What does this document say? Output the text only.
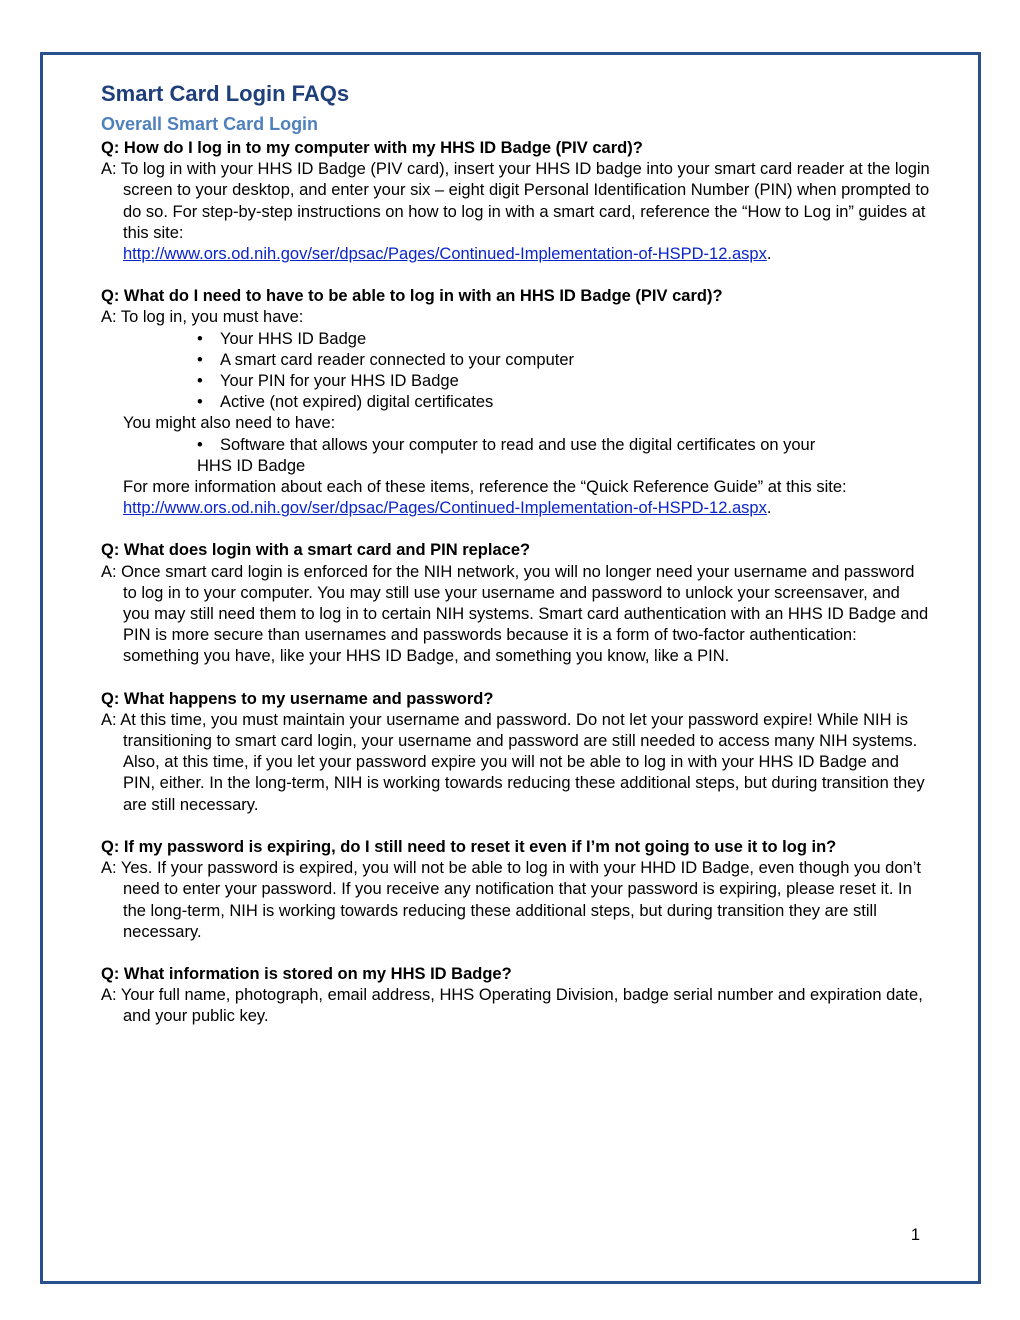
Smart Card Login FAQs
Overall Smart Card Login

Q: How do I log in to my computer with my HHS ID Badge (PIV card)?

A: To log in with your HHS ID Badge (PIV card), insert your HHS ID badge into your smart card reader at the login screen to your desktop, and enter your six – eight digit Personal Identification Number (PIN) when prompted to do so. For step-by-step instructions on how to log in with a smart card, reference the “How to Log in” guides at this site:
http://www.ors.od.nih.gov/ser/dpsac/Pages/Continued-Implementation-of-HSPD-12.aspx.

Q: What do I need to have to be able to log in with an HHS ID Badge (PIV card)?

A: To log in, you must have:

• Your HHS ID Badge
• A smart card reader connected to your computer
• Your PIN for your HHS ID Badge
• Active (not expired) digital certificates

You might also need to have:

• Software that allows your computer to read and use the digital certificates on your
HHS ID Badge

For more information about each of these items, reference the “Quick Reference Guide” at this site: http://www.ors.od.nih.gov/ser/dpsac/Pages/Continued-Implementation-of-HSPD-12.aspx.

Q: What does login with a smart card and PIN replace?

A: Once smart card login is enforced for the NIH network, you will no longer need your username and password to log in to your computer. You may still use your username and password to unlock your screensaver, and you may still need them to log in to certain NIH systems. Smart card authentication with an HHS ID Badge and PIN is more secure than usernames and passwords because it is a form of two-factor authentication: something you have, like your HHS ID Badge, and something you know, like a PIN.

Q: What happens to my username and password?

A: At this time, you must maintain your username and password. Do not let your password expire! While NIH is transitioning to smart card login, your username and password are still needed to access many NIH systems. Also, at this time, if you let your password expire you will not be able to log in with your HHS ID Badge and PIN, either. In the long-term, NIH is working towards reducing these additional steps, but during transition they are still necessary.

Q: If my password is expiring, do I still need to reset it even if I’m not going to use it to log in?

A: Yes. If your password is expired, you will not be able to log in with your HHD ID Badge, even though you don’t need to enter your password. If you receive any notification that your password is expiring, please reset it. In the long-term, NIH is working towards reducing these additional steps, but during transition they are still necessary.

Q: What information is stored on my HHS ID Badge?

A: Your full name, photograph, email address, HHS Operating Division, badge serial number and expiration date, and your public key.

1
